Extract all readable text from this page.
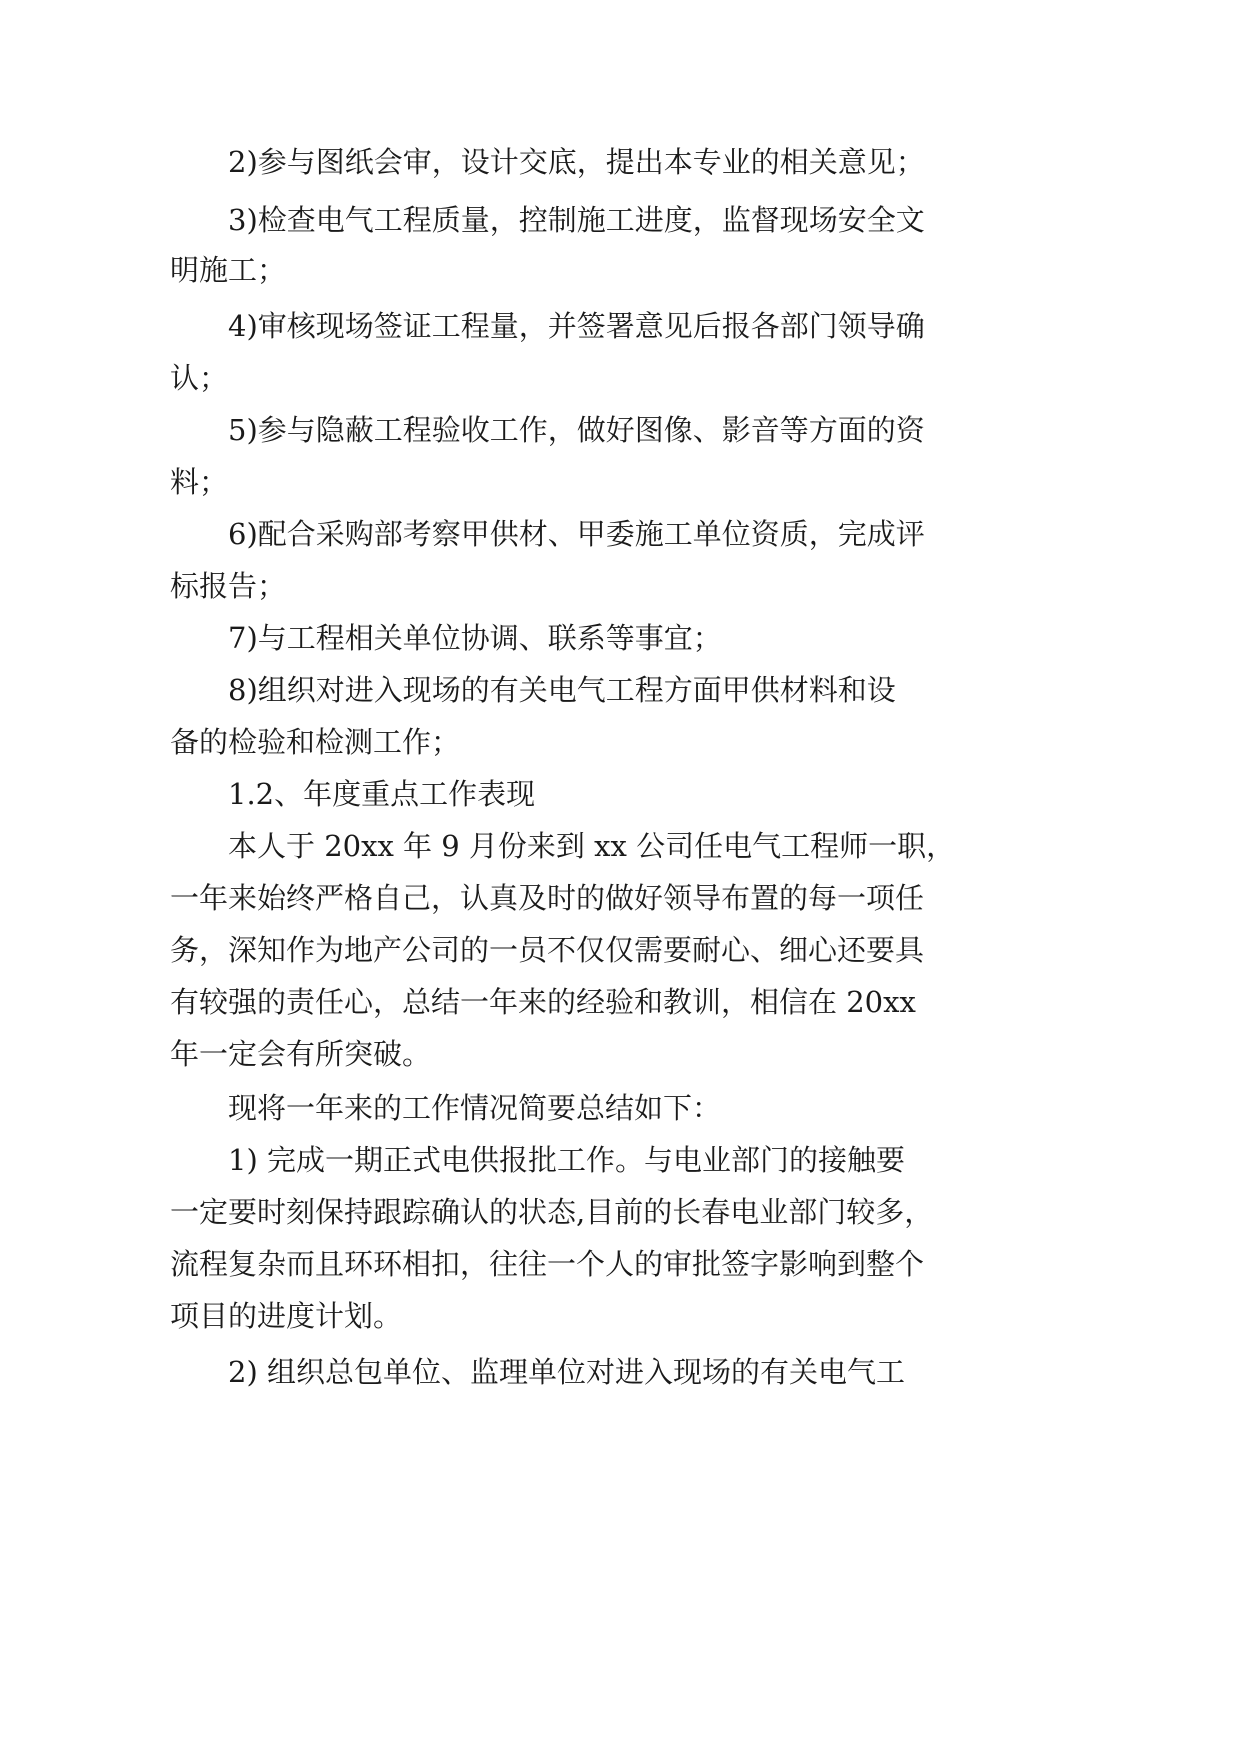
2)参与图纸会审，设计交底，提出本专业的相关意见；
3)检查电气工程质量，控制施工进度，监督现场安全文
明施工；
4)审核现场签证工程量，并签署意见后报各部门领导确
认；
5)参与隐蔽工程验收工作，做好图像、影音等方面的资
料；
6)配合采购部考察甲供材、甲委施工单位资质，完成评
标报告；
7)与工程相关单位协调、联系等事宜；
8)组织对进入现场的有关电气工程方面甲供材料和设
备的检验和检测工作；
1.2、年度重点工作表现
本人于 20xx 年 9 月份来到 xx 公司任电气工程师一职，
一年来始终严格自己，认真及时的做好领导布置的每一项任
务，深知作为地产公司的一员不仅仅需要耐心、细心还要具
有较强的责任心，总结一年来的经验和教训，相信在 20xx
年一定会有所突破。
现将一年来的工作情况简要总结如下：
1) 完成一期正式电供报批工作。与电业部门的接触要
一定要时刻保持跟踪确认的状态,目前的长春电业部门较多，
流程复杂而且环环相扣，往往一个人的审批签字影响到整个
项目的进度计划。
2) 组织总包单位、监理单位对进入现场的有关电气工
